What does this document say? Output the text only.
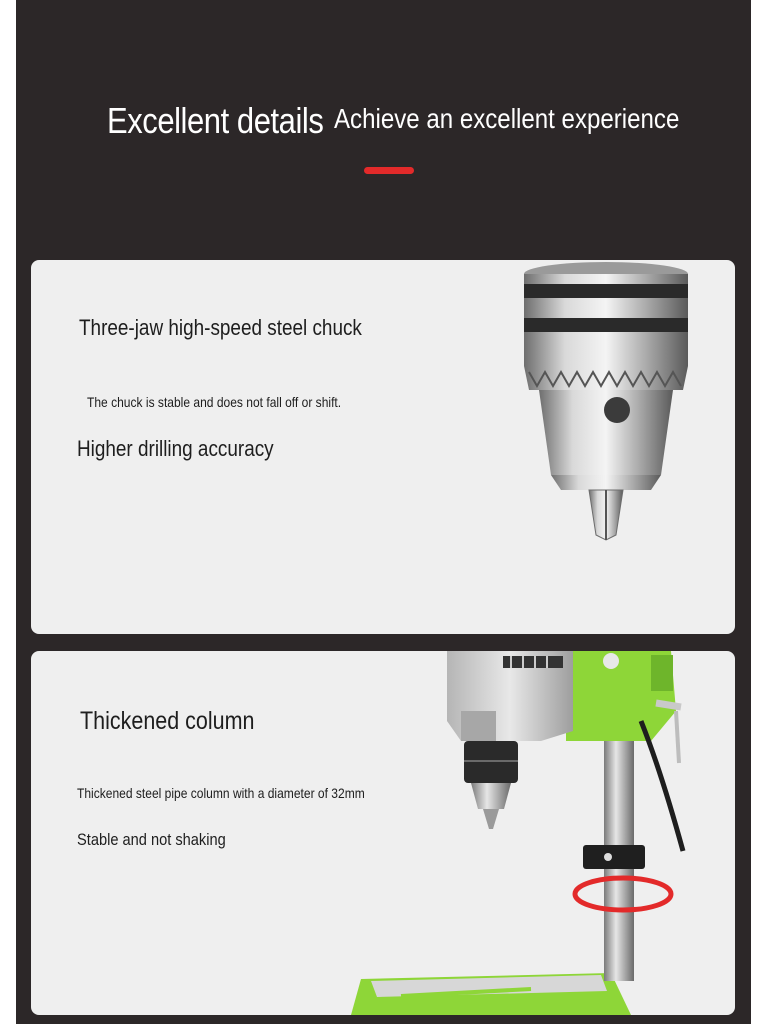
Excellent details Achieve an excellent experience
Three-jaw high-speed steel chuck
The chuck is stable and does not fall off or shift.
Higher drilling accuracy
Thickened column
Thickened steel pipe column with a diameter of 32mm
Stable and not shaking
